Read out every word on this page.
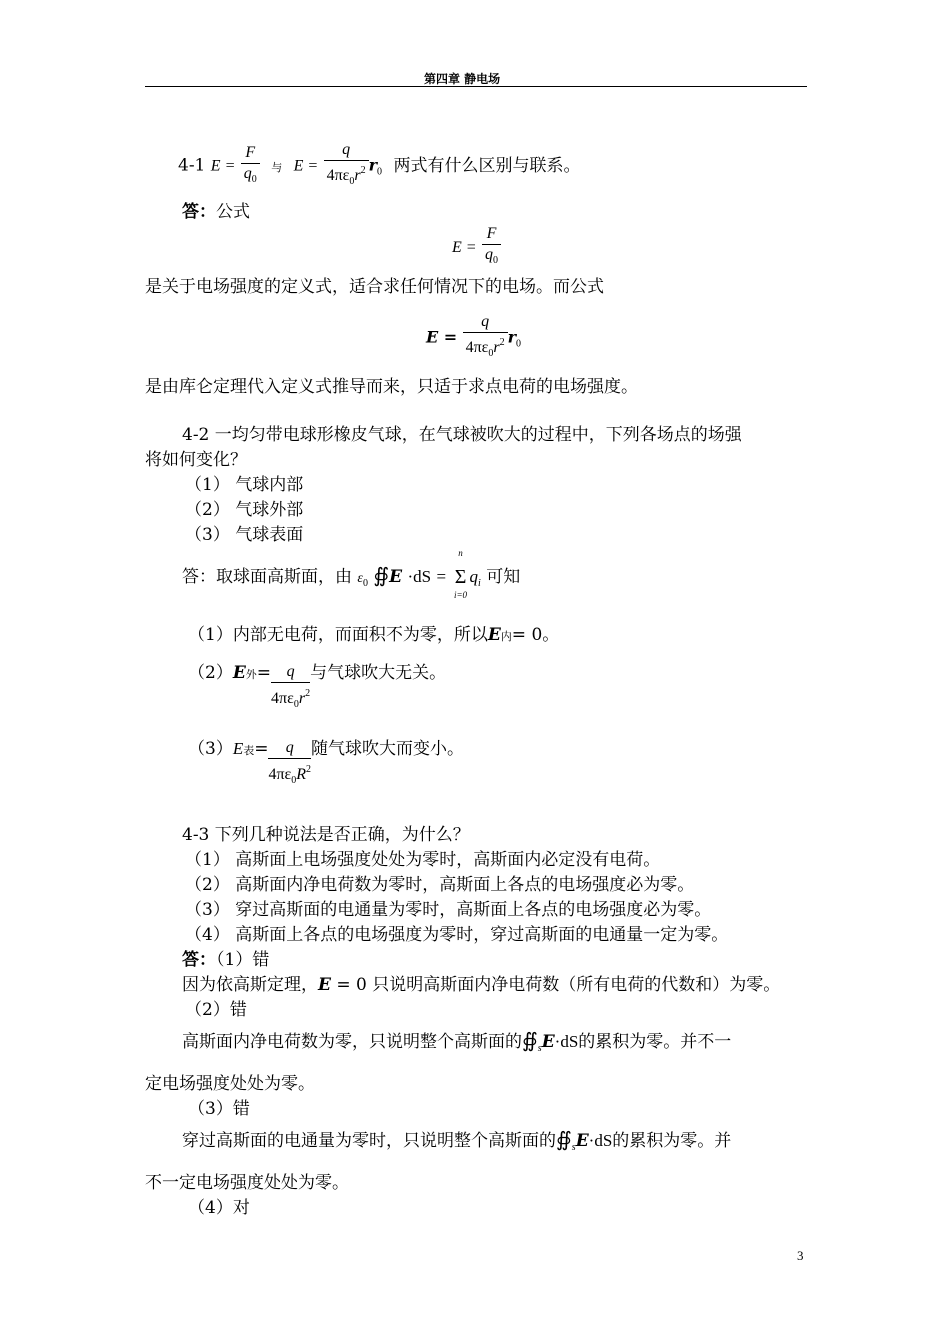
第四章 静电场
4-1 $E = \frac{F}{q_0}$ 与 $E = \frac{q}{4\pi\varepsilon_0r^2} r_0$ 两式有什么区别与联系。
答：公式
$E = \frac{F}{q_0}$
是关于电场强度的定义式，适合求任何情况下的电场。而公式
$E = \frac{q}{4\pi\varepsilon_0r^2} r_0$
是由库仑定理代入定义式推导而来，只适于求点电荷的电场强度。
4-2 一均匀带电球形橡皮气球，在气球被吹大的过程中，下列各场点的场强
将如何变化？
（1） 气球内部
（2） 气球外部
（3） 气球表面
答：取球面高斯面，由 $\varepsilon_0$ ∯E ·dS =
n
Σ
i=0
$q_i$ 可知
（1）内部无电荷，而面积不为零，所以E内= 0。
（2）E外= $\frac{q}{4\pi\varepsilon_0r^2}$ 与气球吹大无关。
（3）E表= $\frac{q}{4\pi\varepsilon_0R^2}$ 随气球吹大而变小。
4-3 下列几种说法是否正确，为什么？
（1） 高斯面上电场强度处处为零时，高斯面内必定没有电荷。
（2） 高斯面内净电荷数为零时，高斯面上各点的电场强度必为零。
（3） 穿过高斯面的电通量为零时，高斯面上各点的电场强度必为零。
（4） 高斯面上各点的电场强度为零时，穿过高斯面的电通量一定为零。
答：（1）错
因为依高斯定理，E = 0 只说明高斯面内净电荷数（所有电荷的代数和）为零。
（2）错
高斯面内净电荷数为零，只说明整个高斯面的$∯_sE\cdot dS$的累积为零。并不一
定电场强度处处为零。
（3）错
穿过高斯面的电通量为零时，只说明整个高斯面的$∯_sE\cdot dS$的累积为零。并
不一定电场强度处处为零。
（4）对
3
